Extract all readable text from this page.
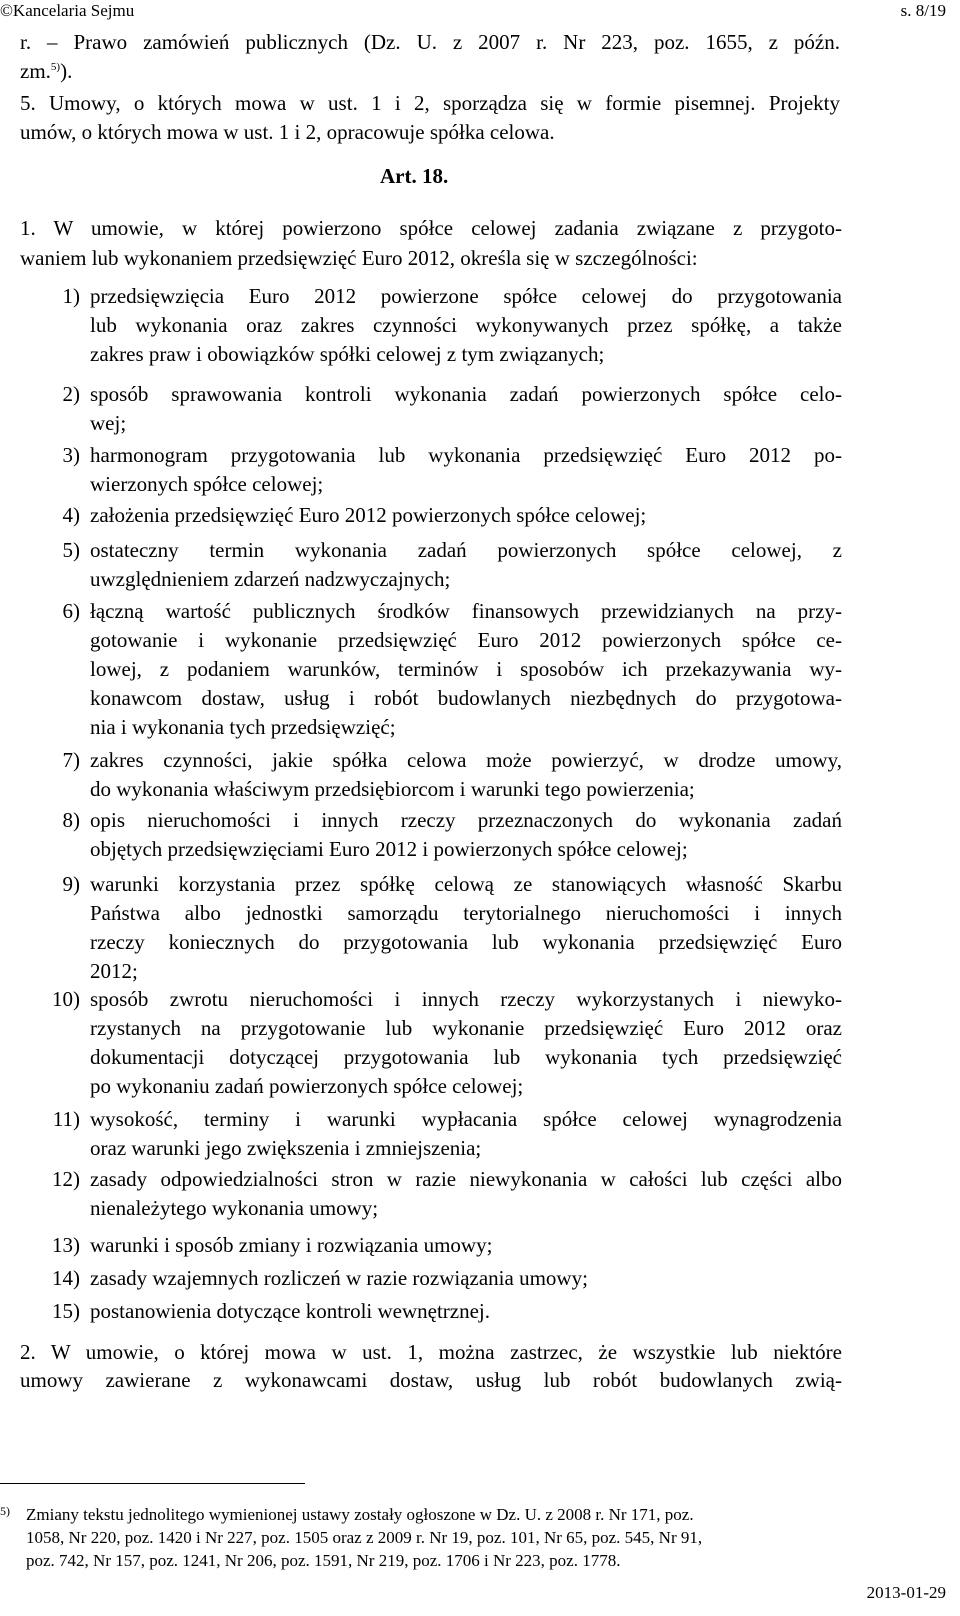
©Kancelaria Sejmu	s. 8/19
r. – Prawo zamówień publicznych (Dz. U. z 2007 r. Nr 223, poz. 1655, z późn.
zm.$^{5)}$).
5. Umowy, o których mowa w ust. 1 i 2, sporządza się w formie pisemnej. Projekty
umów, o których mowa w ust. 1 i 2, opracowuje spółka celowa.
Art. 18.
1. W umowie, w której powierzono spółce celowej zadania związane z przygoto-
waniem lub wykonaniem przedsięwzięć Euro 2012, określa się w szczególności:
1) przedsięwzięcia Euro 2012 powierzone spółce celowej do przygotowania
lub wykonania oraz zakres czynności wykonywanych przez spółkę, a także
zakres praw i obowiązków spółki celowej z tym związanych;
2) sposób sprawowania kontroli wykonania zadań powierzonych spółce celo-
wej;
3) harmonogram przygotowania lub wykonania przedsięwzięć Euro 2012 po-
wierzonych spółce celowej;
4) założenia przedsięwzięć Euro 2012 powierzonych spółce celowej;
5) ostateczny termin wykonania zadań powierzonych spółce celowej, z
uwzględnieniem zdarzeń nadzwyczajnych;
6) łączną wartość publicznych środków finansowych przewidzianych na przy-
gotowanie i wykonanie przedsięwzięć Euro 2012 powierzonych spółce ce-
lowej, z podaniem warunków, terminów i sposobów ich przekazywania wy-
konawcom dostaw, usług i robót budowlanych niezbędnych do przygotowa-
nia i wykonania tych przedsięwzięć;
7) zakres czynności, jakie spółka celowa może powierzyć, w drodze umowy,
do wykonania właściwym przedsiębiorcom i warunki tego powierzenia;
8) opis nieruchomości i innych rzeczy przeznaczonych do wykonania zadań
objętych przedsięwzięciami Euro 2012 i powierzonych spółce celowej;
9) warunki korzystania przez spółkę celową ze stanowiących własność Skarbu
Państwa albo jednostki samorządu terytorialnego nieruchomości i innych
rzeczy koniecznych do przygotowania lub wykonania przedsięwzięć Euro
2012;
10) sposób zwrotu nieruchomości i innych rzeczy wykorzystanych i niewyko-
rzystanych na przygotowanie lub wykonanie przedsięwzięć Euro 2012 oraz
dokumentacji dotyczącej przygotowania lub wykonania tych przedsięwzięć
po wykonaniu zadań powierzonych spółce celowej;
11) wysokość, terminy i warunki wypłacania spółce celowej wynagrodzenia
oraz warunki jego zwiększenia i zmniejszenia;
12) zasady odpowiedzialności stron w razie niewykonania w całości lub części albo
nienależytego wykonania umowy;
13) warunki i sposób zmiany i rozwiązania umowy;
14) zasady wzajemnych rozliczeń w razie rozwiązania umowy;
15) postanowienia dotyczące kontroli wewnętrznej.
2. W umowie, o której mowa w ust. 1, można zastrzec, że wszystkie lub niektóre
umowy zawierane z wykonawcami dostaw, usług lub robót budowlanych zwią-
5) Zmiany tekstu jednolitego wymienionej ustawy zostały ogłoszone w Dz. U. z 2008 r. Nr 171, poz.
1058, Nr 220, poz. 1420 i Nr 227, poz. 1505 oraz z 2009 r. Nr 19, poz. 101, Nr 65, poz. 545, Nr 91,
poz. 742, Nr 157, poz. 1241, Nr 206, poz. 1591, Nr 219, poz. 1706 i Nr 223, poz. 1778.
2013-01-29
